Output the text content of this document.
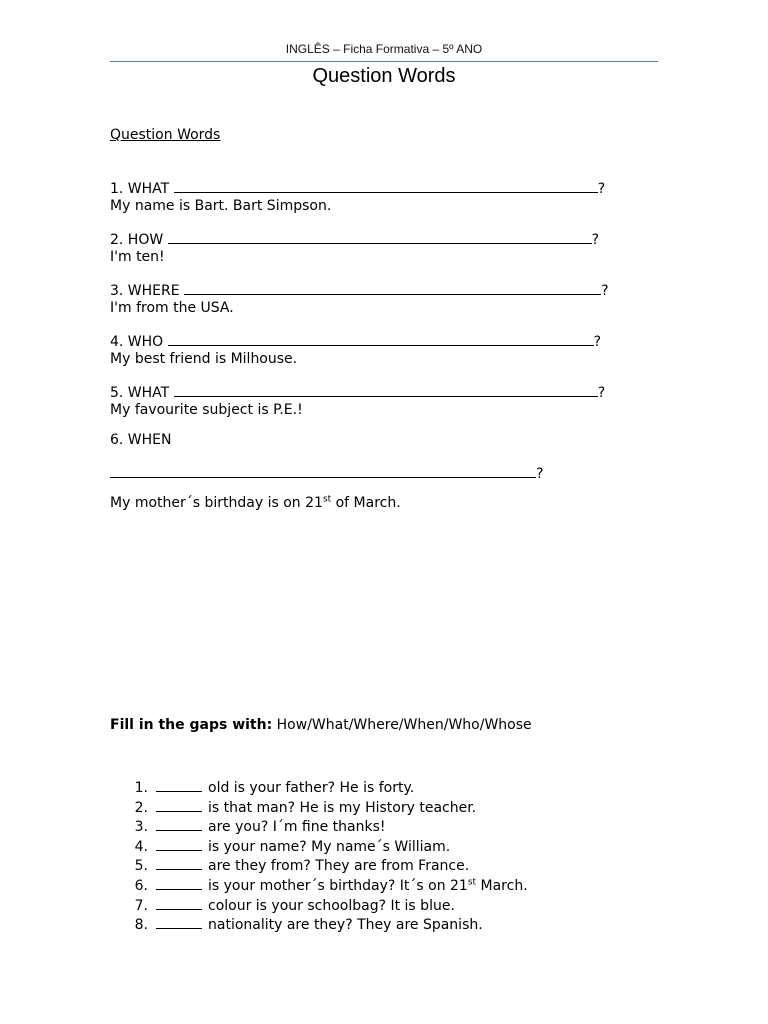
INGLÊS – Ficha Formativa – 5º ANO
Question Words
Question Words
1. WHAT	?
My name is Bart. Bart Simpson.
2. HOW	?
I'm ten!
3. WHERE	?
I'm from the USA.
4. WHO	?
My best friend is Milhouse.
5. WHAT	?
My favourite subject is P.E.!
6. WHEN
?
My mother´s birthday is on 21st of March.
Fill in the gaps with: How/What/Where/When/Who/Whose
1.	old is your father? He is forty.
2.	is that man? He is my History teacher.
3.	are you? I´m fine thanks!
4.	is your name? My name´s William.
5.	are they from? They are from France.
6.	is your mother´s birthday? It´s on 21st March.
7.	colour is your schoolbag? It is blue.
8.	nationality are they? They are Spanish.
